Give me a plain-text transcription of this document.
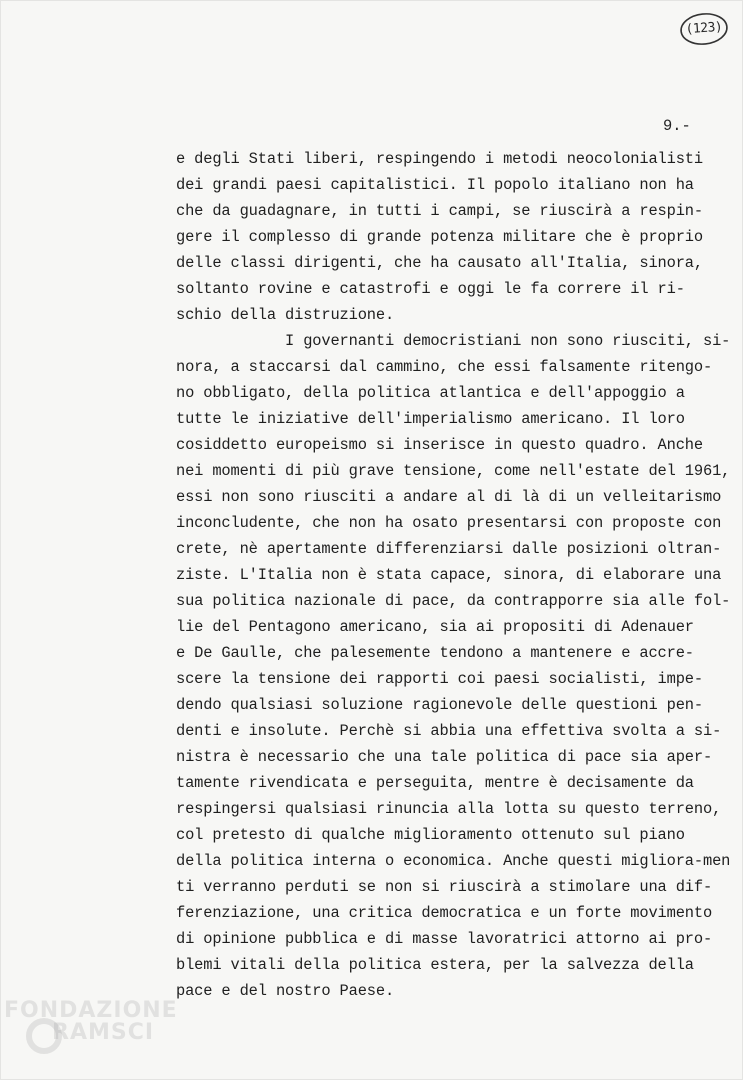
(123)
9.-
e degli Stati liberi, respingendo i metodi neocolonialisti
dei grandi paesi capitalistici. Il popolo italiano non ha
che da guadagnare, in tutti i campi, se riuscirà a respin-
gere il complesso di grande potenza militare che è proprio
delle classi dirigenti, che ha causato all'Italia, sinora,
soltanto rovine e catastrofi e oggi le fa correre il ri-
schio della distruzione.
I governanti democristiani non sono riusciti, si-
nora, a staccarsi dal cammino, che essi falsamente ritengo-
no obbligato, della politica atlantica e dell'appoggio a
tutte le iniziative dell'imperialismo americano. Il loro
cosiddetto europeismo si inserisce in questo quadro. Anche
nei momenti di più grave tensione, come nell'estate del 1961,
essi non sono riusciti a andare al di là di un velleitarismo
inconcludente, che non ha osato presentarsi con proposte con
crete, nè apertamente differenziarsi dalle posizioni oltran-
ziste. L'Italia non è stata capace, sinora, di elaborare una
sua politica nazionale di pace, da contrapporre sia alle fol-
lie del Pentagono americano, sia ai propositi di Adenauer
e De Gaulle, che palesemente tendono a mantenere e accre-
scere la tensione dei rapporti coi paesi socialisti, impe-
dendo qualsiasi soluzione ragionevole delle questioni pen-
denti e insolute. Perchè si abbia una effettiva svolta a si-
nistra è necessario che una tale politica di pace sia aper-
tamente rivendicata e perseguita, mentre è decisamente da
respingersi qualsiasi rinuncia alla lotta su questo terreno,
col pretesto di qualche miglioramento ottenuto sul piano
della politica interna o economica. Anche questi migliora-men
ti verranno perduti se non si riuscirà a stimolare una dif-
ferenziazione, una critica democratica e un forte movimento
di opinione pubblica e di masse lavoratrici attorno ai pro-
blemi vitali della politica estera, per la salvezza della
pace e del nostro Paese.
FONDAZIONE
RAMSCI
